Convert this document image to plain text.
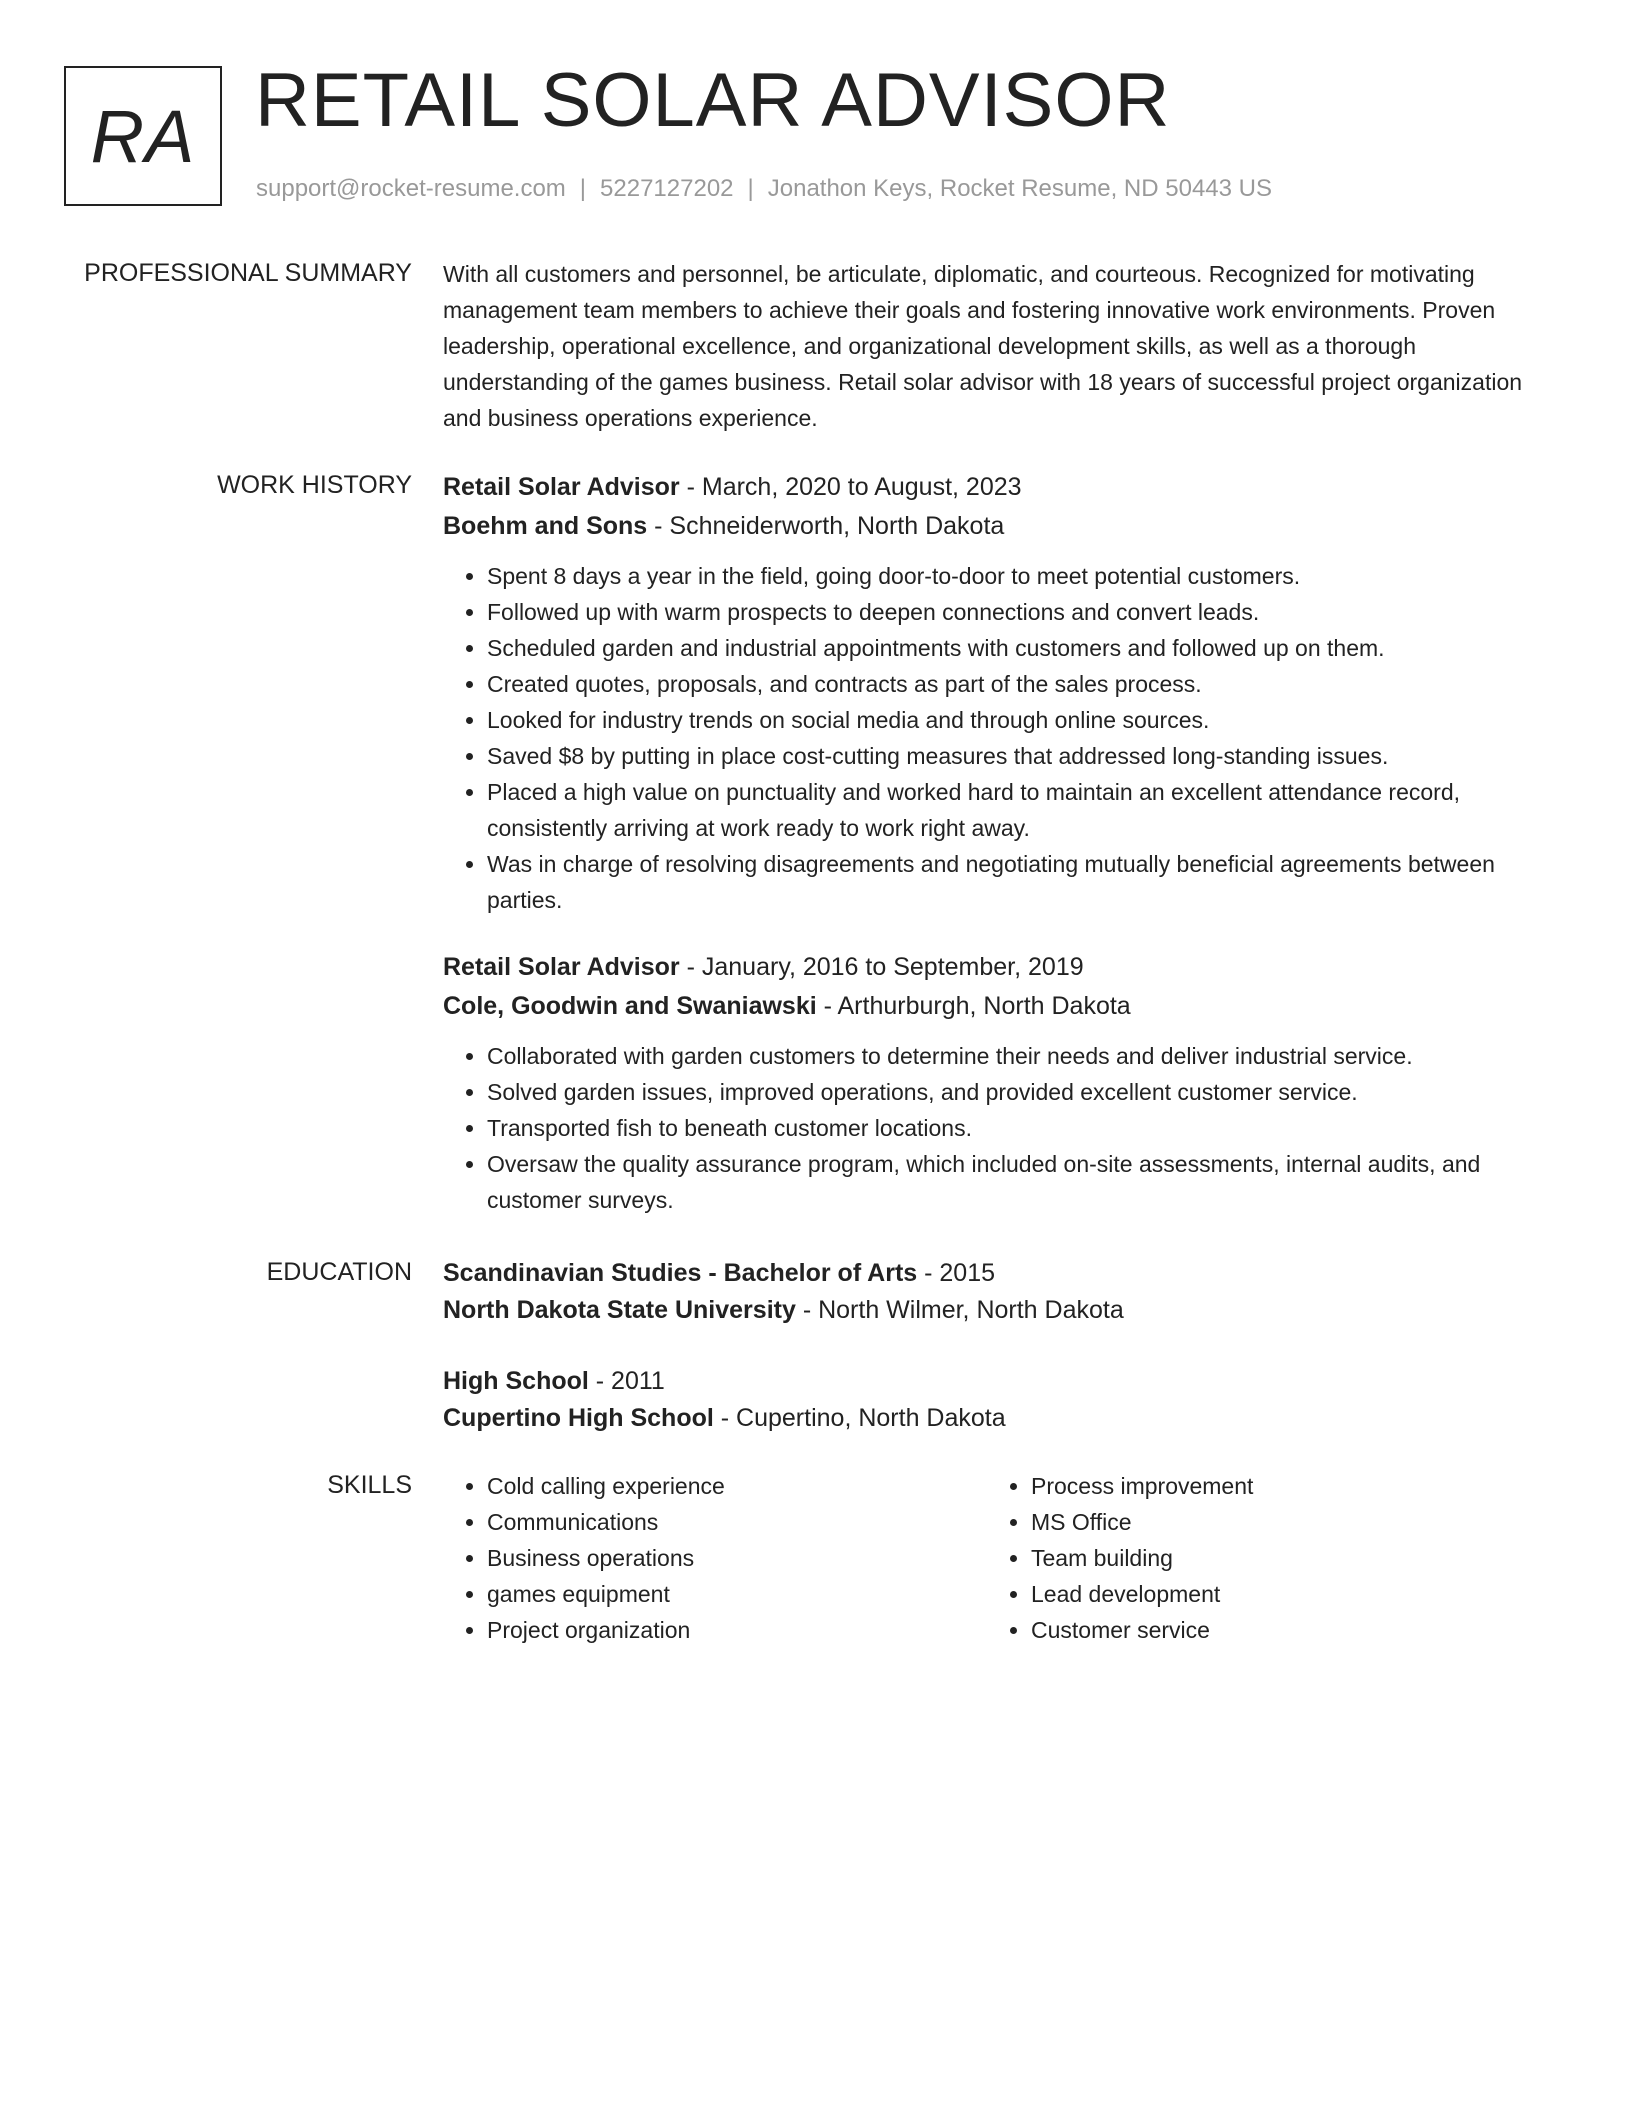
RA RETAIL SOLAR ADVISOR
support@rocket-resume.com | 5227127202 | Jonathon Keys, Rocket Resume, ND 50443 US
PROFESSIONAL SUMMARY With all customers and personnel, be articulate, diplomatic, and courteous. Recognized for motivating management team members to achieve their goals and fostering innovative work environments. Proven leadership, operational excellence, and organizational development skills, as well as a thorough understanding of the games business. Retail solar advisor with 18 years of successful project organization and business operations experience.

WORK HISTORY Retail Solar Advisor - March, 2020 to August, 2023
Boehm and Sons - Schneiderworth, North Dakota
• Spent 8 days a year in the field, going door-to-door to meet potential customers.
• Followed up with warm prospects to deepen connections and convert leads.
• Scheduled garden and industrial appointments with customers and followed up on them.
• Created quotes, proposals, and contracts as part of the sales process.
• Looked for industry trends on social media and through online sources.
• Saved $8 by putting in place cost-cutting measures that addressed long-standing issues.
• Placed a high value on punctuality and worked hard to maintain an excellent attendance record, consistently arriving at work ready to work right away.
• Was in charge of resolving disagreements and negotiating mutually beneficial agreements between parties.
Retail Solar Advisor - January, 2016 to September, 2019
Cole, Goodwin and Swaniawski - Arthurburgh, North Dakota
• Collaborated with garden customers to determine their needs and deliver industrial service.
• Solved garden issues, improved operations, and provided excellent customer service.
• Transported fish to beneath customer locations.
• Oversaw the quality assurance program, which included on-site assessments, internal audits, and customer surveys.
EDUCATION Scandinavian Studies - Bachelor of Arts - 2015
North Dakota State University - North Wilmer, North Dakota
High School - 2011
Cupertino High School - Cupertino, North Dakota
SKILLS
•	Cold calling experience
• Communications
• Business operations
• games equipment
• Project organization
• Process improvement
• MS Office
• Team building
• Lead development
• Customer service
